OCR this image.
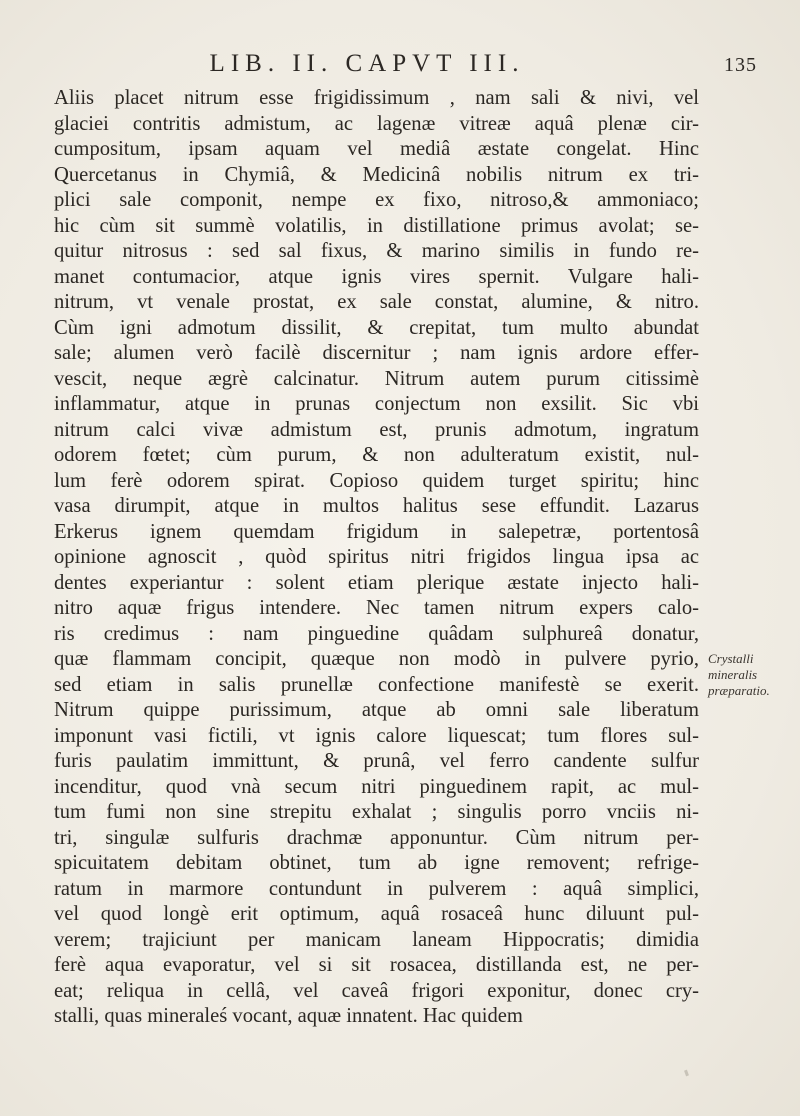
LIB. II. CAPVT III.	135
Aliis placet nitrum esse frigidissimum , nam sali & nivi, vel
glaciei contritis admistum, ac lagenæ vitreæ aquâ plenæ cir-
cumpositum, ipsam aquam vel mediâ æstate congelat. Hinc
Quercetanus in Chymiâ, & Medicinâ nobilis nitrum ex tri-
plici sale componit, nempe ex fixo, nitroso,& ammoniaco;
hic cùm sit summè volatilis, in distillatione primus avolat; se-
quitur nitrosus : sed sal fixus, & marino similis in fundo re-
manet contumacior, atque ignis vires spernit. Vulgare hali-
nitrum, vt venale prostat, ex sale constat, alumine, & nitro.
Cùm igni admotum dissilit, & crepitat, tum multo abundat
sale; alumen verò facilè discernitur ; nam ignis ardore effer-
vescit, neque ægrè calcinatur. Nitrum autem purum citissimè
inflammatur, atque in prunas conjectum non exsilit. Sic vbi
nitrum calci vivæ admistum est, prunis admotum, ingratum
odorem fœtet; cùm purum, & non adulteratum existit, nul-
lum ferè odorem spirat. Copioso quidem turget spiritu; hinc
vasa dirumpit, atque in multos halitus sese effundit. Lazarus
Erkerus ignem quemdam frigidum in salepetræ, portentosâ
opinione agnoscit , quòd spiritus nitri frigidos lingua ipsa ac
dentes experiantur : solent etiam plerique æstate injecto hali-
nitro aquæ frigus intendere. Nec tamen nitrum expers calo-
ris credimus : nam pinguedine quâdam sulphureâ donatur,
quæ flammam concipit, quæque non modò in pulvere pyrio,
sed etiam in salis prunellæ confectione manifestè se exerit.
Nitrum quippe purissimum, atque ab omni sale liberatum
imponunt vasi fictili, vt ignis calore liquescat; tum flores sul-
furis paulatim immittunt, & prunâ, vel ferro candente sulfur
incenditur, quod vnà secum nitri pinguedinem rapit, ac mul-
tum fumi non sine strepitu exhalat ; singulis porro vnciis ni-
tri, singulæ sulfuris drachmæ apponuntur. Cùm nitrum per-
spicuitatem debitam obtinet, tum ab igne removent; refrige-
ratum in marmore contundunt in pulverem : aquâ simplici,
vel quod longè erit optimum, aquâ rosaceâ hunc diluunt pul-
verem; trajiciunt per manicam laneam Hippocratis; dimidia
ferè aqua evaporatur, vel si sit rosacea, distillanda est, ne per-
eat; reliqua in cellâ, vel caveâ frigori exponitur, donec cry-
stalli, quas mineraleś vocant, aquæ innatent. Hac quidem
Crystalli
mineralis
præparatio.
